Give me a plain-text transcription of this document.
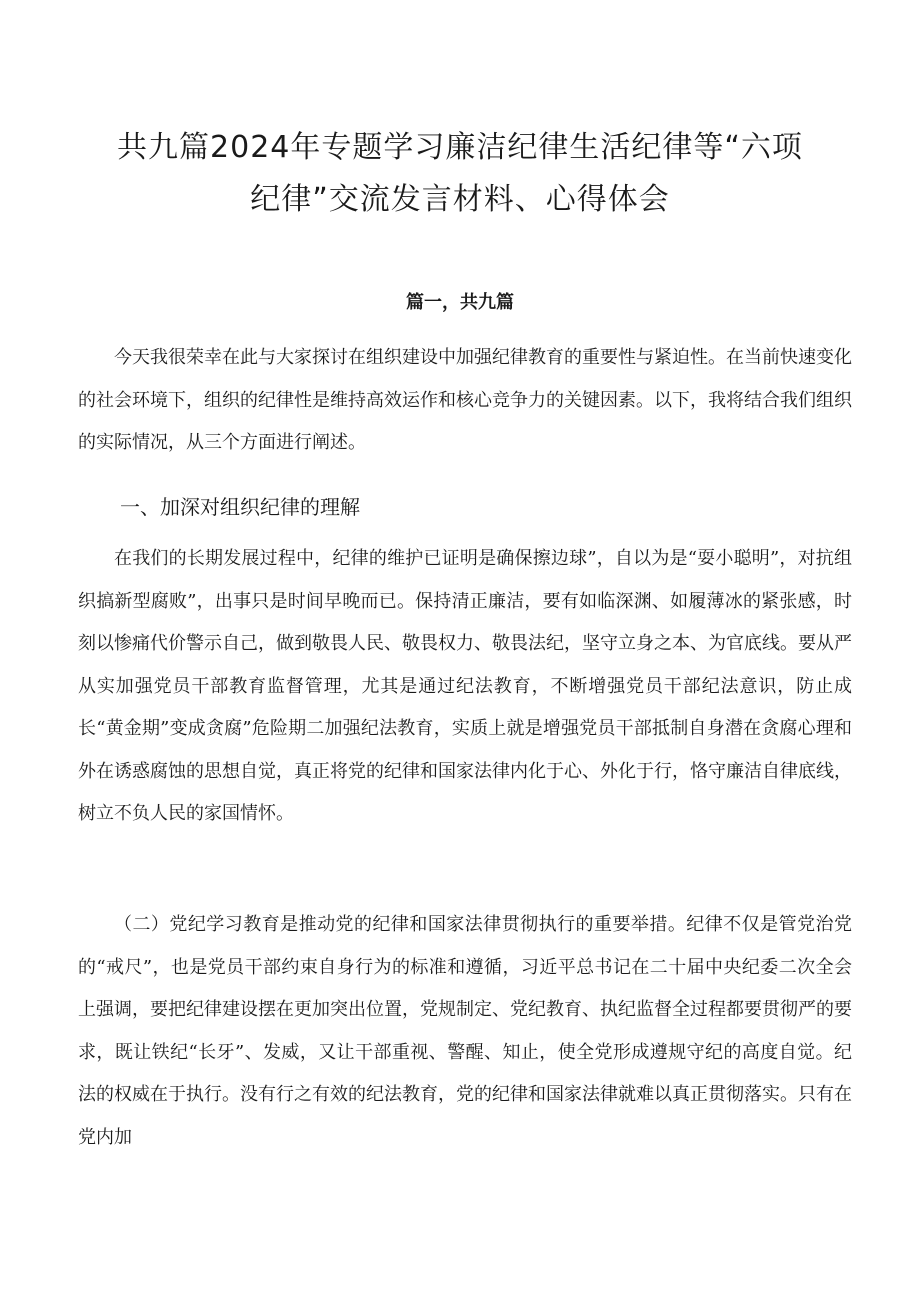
共九篇2024年专题学习廉洁纪律生活纪律等“六项
纪律”交流发言材料、心得体会
篇一，共九篇

今天我很荣幸在此与大家探讨在组织建设中加强纪律教育的重要性与紧迫性。在当前快速变化的社会环境下，组织的纪律性是维持高效运作和核心竞争力的关键因素。以下，我将结合我们组织的实际情况，从三个方面进行阐述。

一、加深对组织纪律的理解

在我们的长期发展过程中，纪律的维护已证明是确保擦边球”，自以为是“耍小聪明”，对抗组织搞新型腐败”，出事只是时间早晚而已。保持清正廉洁，要有如临深渊、如履薄冰的紧张感，时刻以惨痛代价警示自己，做到敬畏人民、敬畏权力、敬畏法纪，坚守立身之本、为官底线。要从严从实加强党员干部教育监督管理，尤其是通过纪法教育，不断增强党员干部纪法意识，防止成长“黄金期”变成贪腐”危险期二加强纪法教育，实质上就是增强党员干部抵制自身潜在贪腐心理和外在诱惑腐蚀的思想自觉，真正将党的纪律和国家法律内化于心、外化于行，恪守廉洁自律底线，树立不负人民的家国情怀。

（二）党纪学习教育是推动党的纪律和国家法律贯彻执行的重要举措。纪律不仅是管党治党的“戒尺”，也是党员干部约束自身行为的标准和遵循，习近平总书记在二十届中央纪委二次全会上强调，要把纪律建设摆在更加突出位置，党规制定、党纪教育、执纪监督全过程都要贯彻严的要求，既让铁纪“长牙”、发威，又让干部重视、警醒、知止，使全党形成遵规守纪的高度自觉。纪法的权威在于执行。没有行之有效的纪法教育，党的纪律和国家法律就难以真正贯彻落实。只有在党内加
